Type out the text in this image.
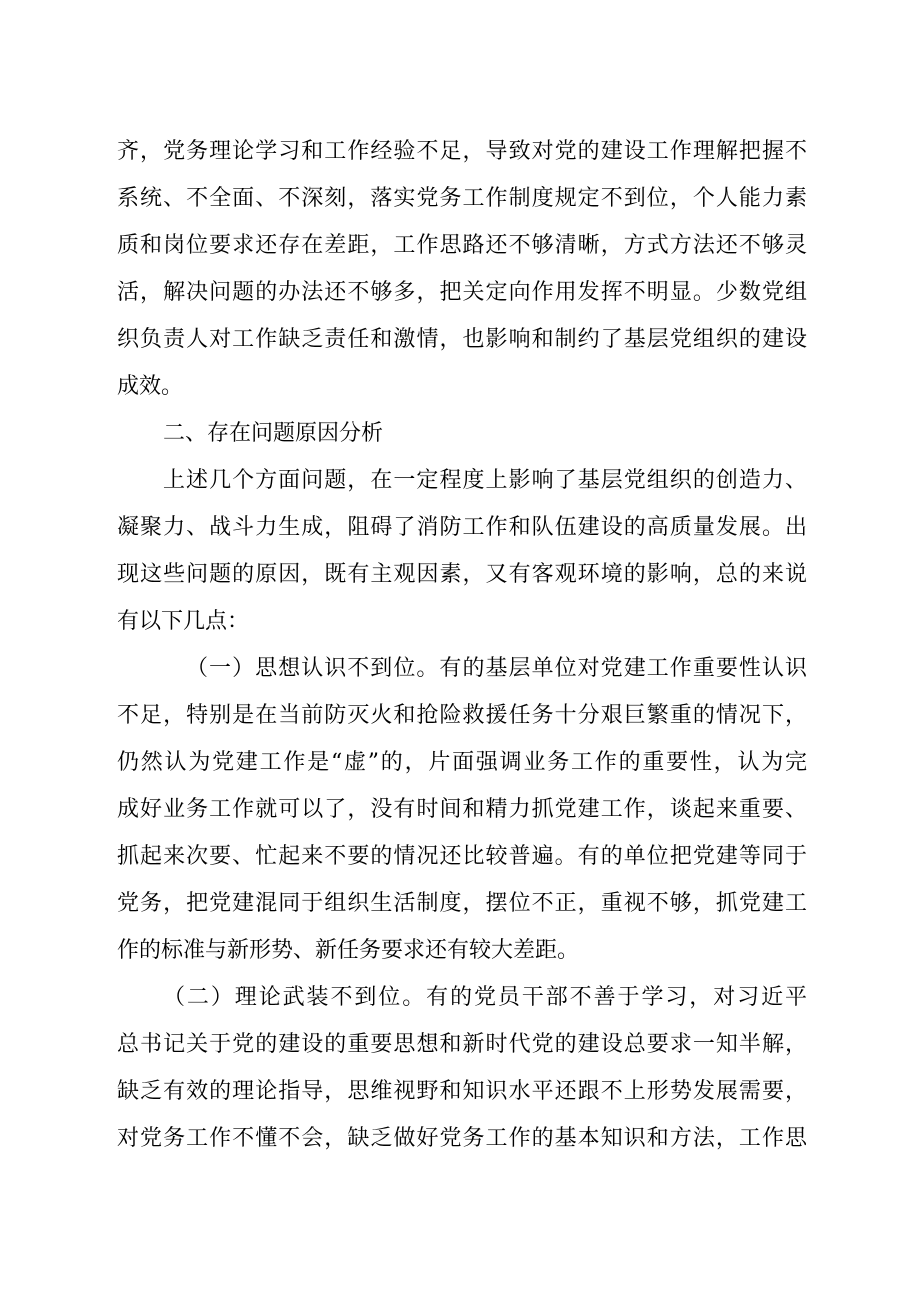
齐，党务理论学习和工作经验不足，导致对党的建设工作理解把握不
系统、不全面、不深刻，落实党务工作制度规定不到位，个人能力素
质和岗位要求还存在差距，工作思路还不够清晰，方式方法还不够灵
活，解决问题的办法还不够多，把关定向作用发挥不明显。少数党组
织负责人对工作缺乏责任和激情，也影响和制约了基层党组织的建设
成效。
二、存在问题原因分析
上述几个方面问题，在一定程度上影响了基层党组织的创造力、
凝聚力、战斗力生成，阻碍了消防工作和队伍建设的高质量发展。出
现这些问题的原因，既有主观因素，又有客观环境的影响，总的来说
有以下几点：
（一）思想认识不到位。有的基层单位对党建工作重要性认识
不足，特别是在当前防灭火和抢险救援任务十分艰巨繁重的情况下，
仍然认为党建工作是“虚”的，片面强调业务工作的重要性，认为完
成好业务工作就可以了，没有时间和精力抓党建工作，谈起来重要、
抓起来次要、忙起来不要的情况还比较普遍。有的单位把党建等同于
党务，把党建混同于组织生活制度，摆位不正，重视不够，抓党建工
作的标准与新形势、新任务要求还有较大差距。
（二）理论武装不到位。有的党员干部不善于学习，对习近平
总书记关于党的建设的重要思想和新时代党的建设总要求一知半解，
缺乏有效的理论指导，思维视野和知识水平还跟不上形势发展需要，
对党务工作不懂不会，缺乏做好党务工作的基本知识和方法，工作思
